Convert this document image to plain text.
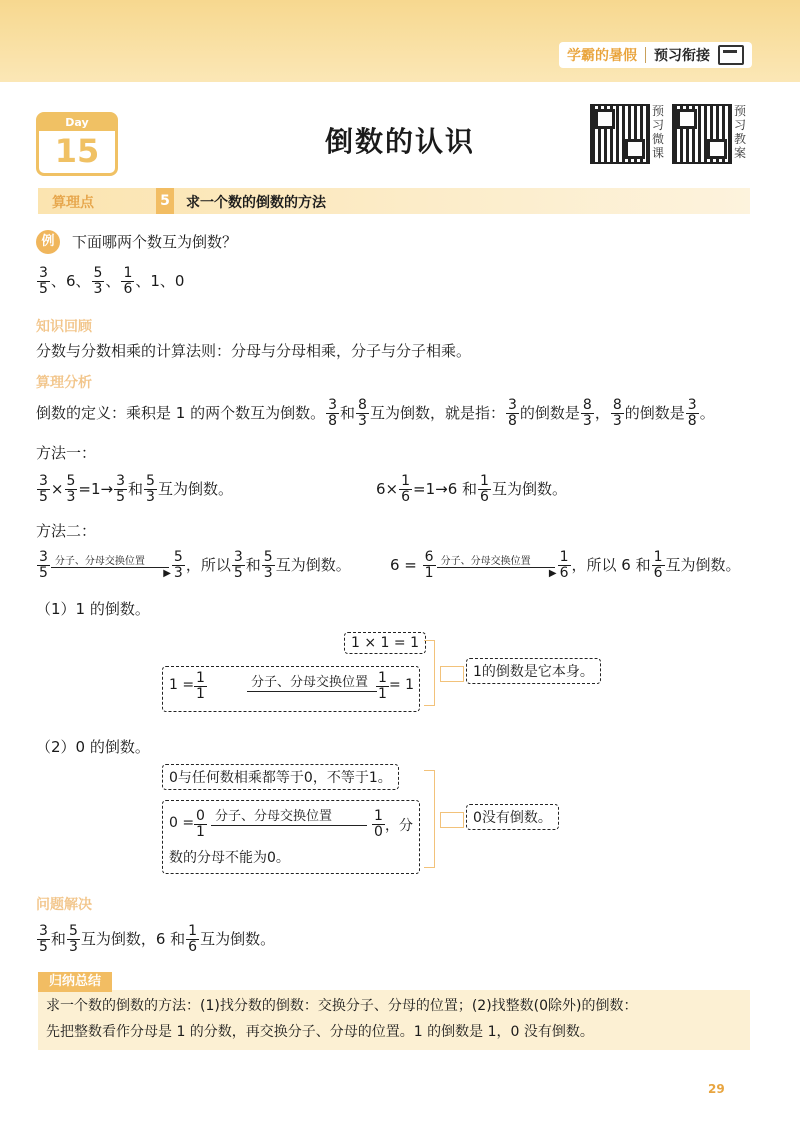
学霸的暑假 预习衔接
Day
15	倒数的认识
预习微课
预习教案
算理点	5 求一个数的倒数的方法
例	下面哪两个数互为倒数？
$\frac{3}{5}$ 、6、 $\frac{5}{3}$ 、 $\frac{1}{6}$ 、1、0
知识回顾
分数与分数相乘的计算法则：分母与分母相乘，分子与分子相乘。
算理分析
倒数的定义：乘积是 1 的两个数互为倒数。 $\frac{3}{8}$ 和 $\frac{8}{3}$ 互为倒数，就是指： $\frac{3}{8}$ 的倒数是 $\frac{8}{3}$ ， $\frac{8}{3}$ 的倒数是 $\frac{3}{8}$ 。
方法一：
$\frac{3}{5} \times \frac{5}{3} =1\to \frac{3}{5}$ 和 $\frac{5}{3}$ 互为倒数。	$6\times \frac{1}{6} =1\to 6$ 和 $\frac{1}{6}$ 互为倒数。
方法二：
$\frac{3}{5}$ 分子、分母交换位置
▶ $\frac{5}{3}$ ，所以 $\frac{3}{5}$ 和 $\frac{5}{3}$ 互为倒数。	$6 = \frac{6}{1}$ 分子、分母交换位置
▶ $\frac{1}{6}$ ，所以 6 和 $\frac{1}{6}$ 互为倒数。
（1）1 的倒数。
1 × 1 = 1
$1 = \frac{1}{1}$	分子、分母交换位置 $\frac{1}{1} = 1$
1的倒数是它本身。
（2）0 的倒数。
0与任何数相乘都等于0，不等于1。
$0 = \frac{0}{1}$ 分子、分母交换位置	$\frac{1}{0}$ ，分
数的分母不能为0。
0没有倒数。
问题解决
$\frac{3}{5}$ 和 $\frac{5}{3}$ 互为倒数，6 和 $\frac{1}{6}$ 互为倒数。
归纳总结
求一个数的倒数的方法：(1)找分数的倒数：交换分子、分母的位置；(2)找整数(0除外)的倒数：
先把整数看作分母是 1 的分数，再交换分子、分母的位置。1 的倒数是 1，0 没有倒数。
29
